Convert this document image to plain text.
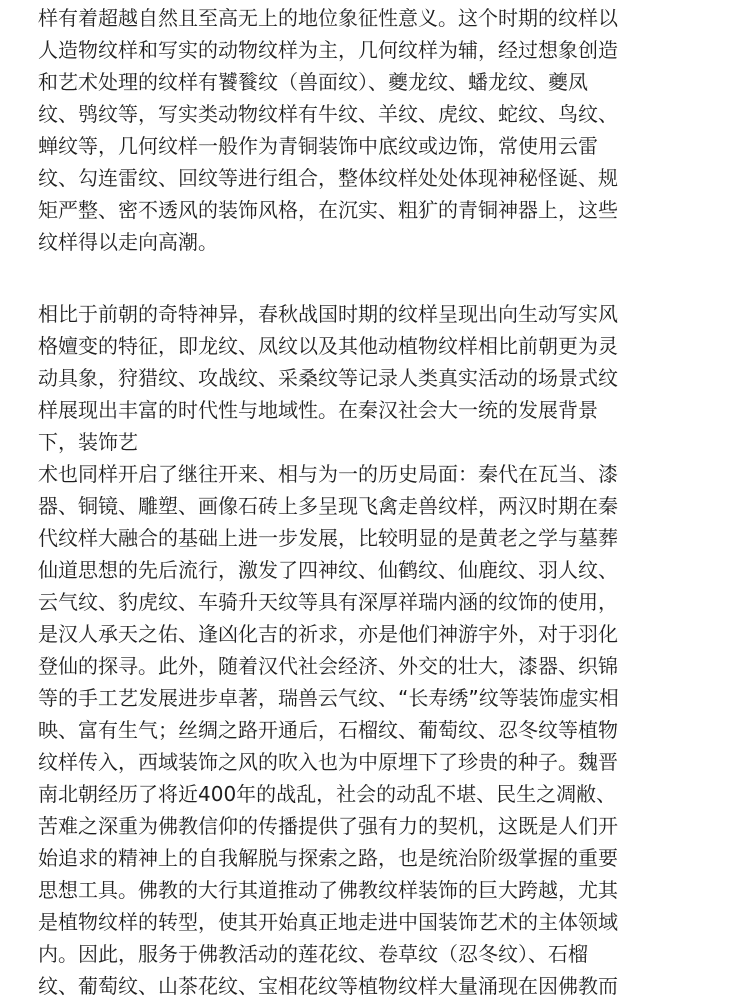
样有着超越自然且至高无上的地位象征性意义。这个时期的纹样以
人造物纹样和写实的动物纹样为主，几何纹样为辅，经过想象创造
和艺术处理的纹样有饕餮纹（兽面纹）、夔龙纹、蟠龙纹、夔凤
纹、鸮纹等，写实类动物纹样有牛纹、羊纹、虎纹、蛇纹、鸟纹、
蝉纹等，几何纹样一般作为青铜装饰中底纹或边饰，常使用云雷
纹、勾连雷纹、回纹等进行组合，整体纹样处处体现神秘怪诞、规
矩严整、密不透风的装饰风格，在沉实、粗犷的青铜神器上，这些
纹样得以走向高潮。
相比于前朝的奇特神异，春秋战国时期的纹样呈现出向生动写实风
格嬗变的特征，即龙纹、凤纹以及其他动植物纹样相比前朝更为灵
动具象，狩猎纹、攻战纹、采桑纹等记录人类真实活动的场景式纹
样展现出丰富的时代性与地域性。在秦汉社会大一统的发展背景
下，装饰艺
术也同样开启了继往开来、相与为一的历史局面：秦代在瓦当、漆
器、铜镜、雕塑、画像石砖上多呈现飞禽走兽纹样，两汉时期在秦
代纹样大融合的基础上进一步发展，比较明显的是黄老之学与墓葬
仙道思想的先后流行，激发了四神纹、仙鹤纹、仙鹿纹、羽人纹、
云气纹、豹虎纹、车骑升天纹等具有深厚祥瑞内涵的纹饰的使用，
是汉人承天之佑、逢凶化吉的祈求，亦是他们神游宇外，对于羽化
登仙的探寻。此外，随着汉代社会经济、外交的壮大，漆器、织锦
等的手工艺发展进步卓著，瑞兽云气纹、“长寿绣”纹等装饰虚实相
映、富有生气；丝绸之路开通后，石榴纹、葡萄纹、忍冬纹等植物
纹样传入，西域装饰之风的吹入也为中原埋下了珍贵的种子。魏晋
南北朝经历了将近400年的战乱，社会的动乱不堪、民生之凋敝、
苦难之深重为佛教信仰的传播提供了强有力的契机，这既是人们开
始追求的精神上的自我解脱与探索之路，也是统治阶级掌握的重要
思想工具。佛教的大行其道推动了佛教纹样装饰的巨大跨越，尤其
是植物纹样的转型，使其开始真正地走进中国装饰艺术的主体领域
内。因此，服务于佛教活动的莲花纹、卷草纹（忍冬纹）、石榴
纹、葡萄纹、山茶花纹、宝相花纹等植物纹样大量涌现在因佛教而
